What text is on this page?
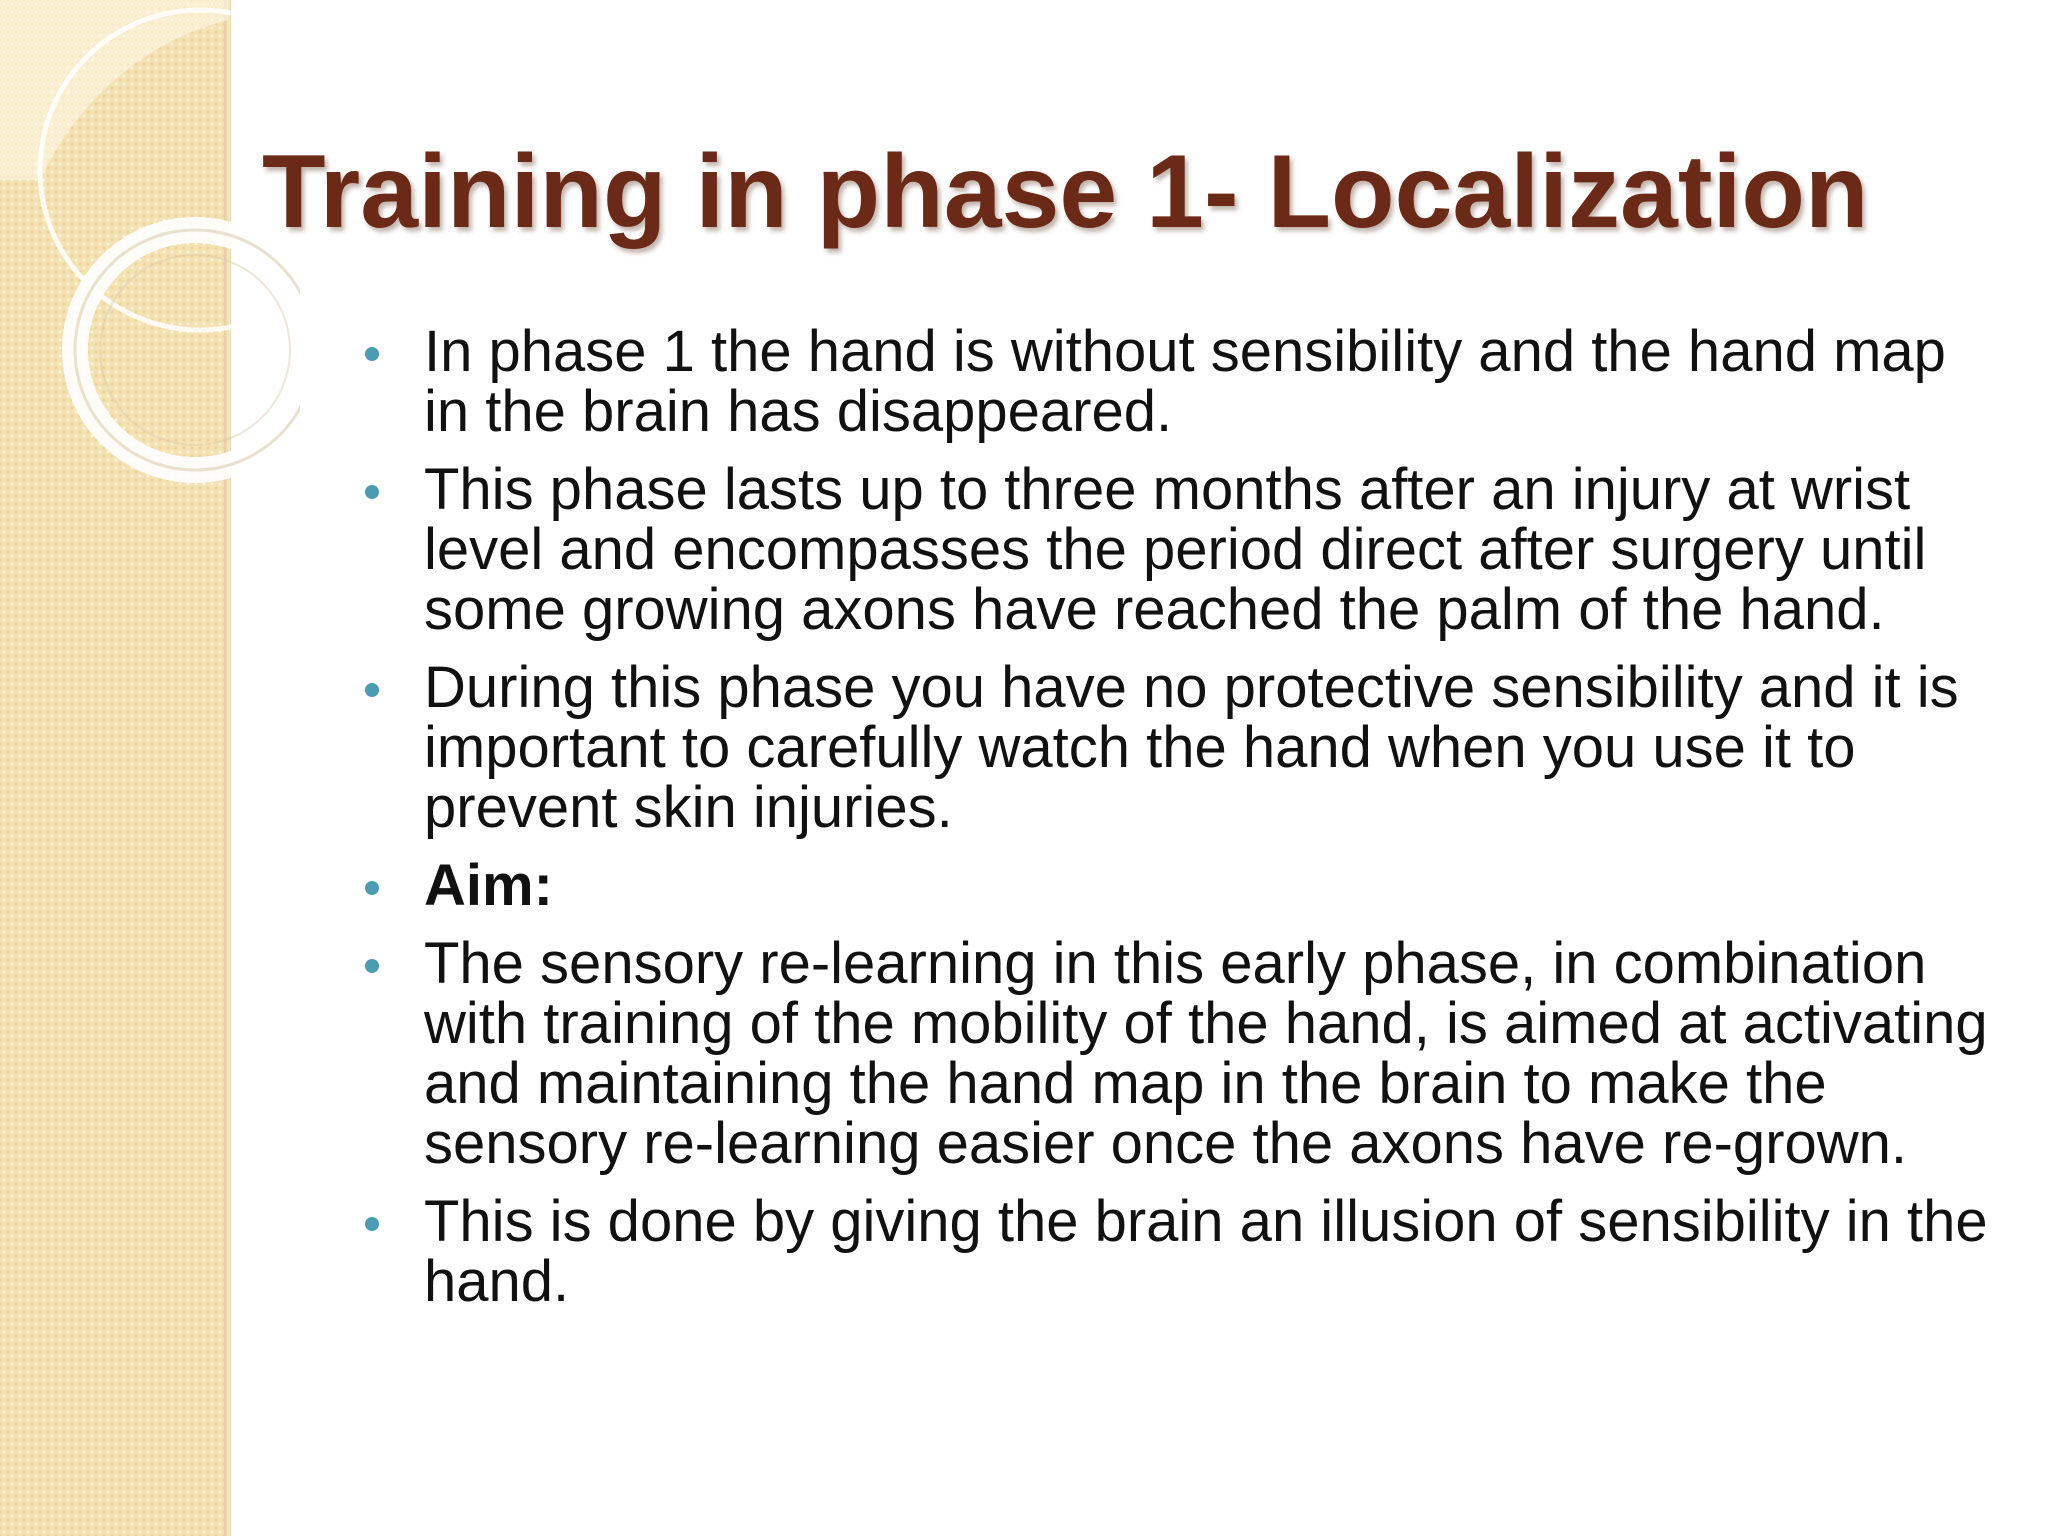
Training in phase 1- Localization
In phase 1 the hand is without sensibility and the hand map in the brain has disappeared.
This phase lasts up to three months after an injury at wrist level and encompasses the period direct after surgery until some growing axons have reached the palm of the hand.
During this phase you have no protective sensibility and it is important to carefully watch the hand when you use it to prevent skin injuries.
Aim:
The sensory re-learning in this early phase, in combination with training of the mobility of the hand, is aimed at activating and maintaining the hand map in the brain to make the sensory re-learning easier once the axons have re-grown.
This is done by giving the brain an illusion of sensibility in the hand.
